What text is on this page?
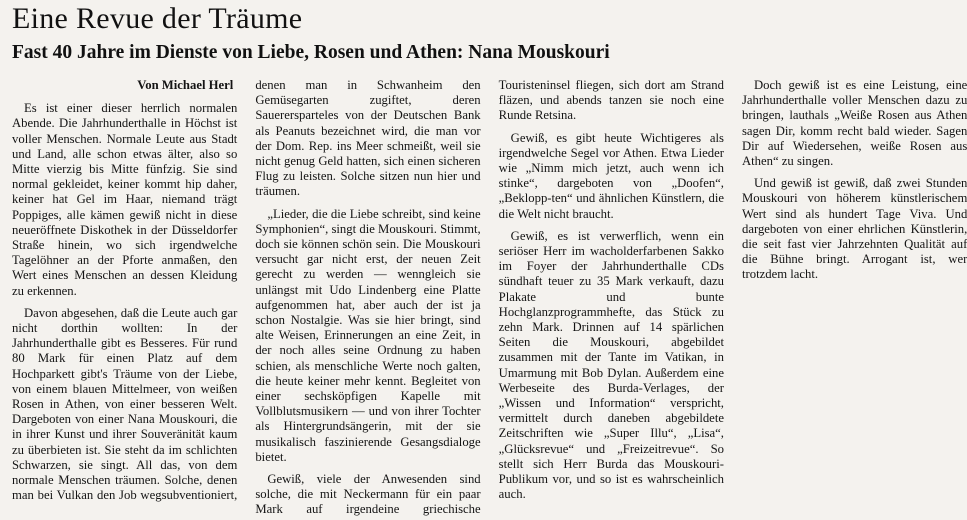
Eine Revue der Träume
Fast 40 Jahre im Dienste von Liebe, Rosen und Athen: Nana Mouskouri

Von Michael Herl

Es ist einer dieser herrlich normalen Abende. Die Jahrhunderthalle in Höchst ist voller Menschen. Normale Leute aus Stadt und Land, alle schon etwas älter, also so Mitte vierzig bis Mitte fünfzig. Sie sind normal gekleidet, keiner kommt hip daher, keiner hat Gel im Haar, niemand trägt Poppiges, alle kämen gewiß nicht in diese neueröffnete Diskothek in der Düsseldorfer Straße hinein, wo sich irgendwelche Tagelöhner an der Pforte anmaßen, den Wert eines Menschen an dessen Kleidung zu erkennen.

Davon abgesehen, daß die Leute auch gar nicht dorthin wollten: In der Jahrhunderthalle gibt es Besseres. Für rund 80 Mark für einen Platz auf dem Hochparkett gibt's Träume von der Liebe, von einem blauen Mittelmeer, von weißen Rosen in Athen, von einer besseren Welt. Dargeboten von einer Nana Mouskouri, die in ihrer Kunst und ihrer Souveränität kaum zu überbieten ist. Sie steht da im schlichten Schwarzen, sie singt. All das, von dem normale Menschen träumen. Solche, denen man bei Vulkan den Job wegsubventioniert, denen man in Schwanheim den Gemüsegarten zugiftet, deren Sauerersparteles von der Deutschen Bank als Peanuts bezeichnet wird, die man vor der Dom. Rep. ins Meer schmeißt, weil sie nicht genug Geld hatten, sich einen sicheren Flug zu leisten. Solche sitzen nun hier und träumen.

„Lieder, die die Liebe schreibt, sind keine Symphonien“, singt die Mouskouri. Stimmt, doch sie können schön sein. Die Mouskouri versucht gar nicht erst, der neuen Zeit gerecht zu werden — wenngleich sie unlängst mit Udo Lindenberg eine Platte aufgenommen hat, aber auch der ist ja schon Nostalgie. Was sie hier bringt, sind alte Weisen, Erinnerungen an eine Zeit, in der noch alles seine Ordnung zu haben schien, als menschliche Werte noch galten, die heute keiner mehr kennt. Begleitet von einer sechsköpfigen Kapelle mit Vollblutsmusikern — und von ihrer Tochter als Hintergrundsängerin, mit der sie musikalisch faszinierende Gesangsdialoge bietet.

Gewiß, viele der Anwesenden sind solche, die mit Neckermann für ein paar Mark auf irgendeine griechische Touristeninsel fliegen, sich dort am Strand fläzen, und abends tanzen sie noch eine Runde Retsina.

Gewiß, es gibt heute Wichtigeres als irgendwelche Segel vor Athen. Etwa Lieder wie „Nimm mich jetzt, auch wenn ich stinke“, dargeboten von „Doofen“, „Beklopp-ten“ und ähnlichen Künstlern, die die Welt nicht braucht.

Gewiß, es ist verwerflich, wenn ein seriöser Herr im wacholderfarbenen Sakko im Foyer der Jahrhunderthalle CDs sündhaft teuer zu 35 Mark verkauft, dazu Plakate und bunte Hochglanzprogrammhefte, das Stück zu zehn Mark. Drinnen auf 14 spärlichen Seiten die Mouskouri, abgebildet zusammen mit der Tante im Vatikan, in Umarmung mit Bob Dylan. Außerdem eine Werbeseite des Burda-Verlages, der „Wissen und Information“ verspricht, vermittelt durch daneben abgebildete Zeitschriften wie „Super Illu“, „Lisa“, „Glücksrevue“ und „Freizeitrevue“. So stellt sich Herr Burda das Mouskouri-Publikum vor, und so ist es wahrscheinlich auch.

Doch gewiß ist es eine Leistung, eine Jahrhunderthalle voller Menschen dazu zu bringen, lauthals „Weiße Rosen aus Athen sagen Dir, komm recht bald wieder. Sagen Dir auf Wiedersehen, weiße Rosen aus Athen“ zu singen.

Und gewiß ist gewiß, daß zwei Stunden Mouskouri von höherem künstlerischem Wert sind als hundert Tage Viva. Und dargeboten von einer ehrlichen Künstlerin, die seit fast vier Jahrzehnten Qualität auf die Bühne bringt. Arrogant ist, wer trotzdem lacht.
